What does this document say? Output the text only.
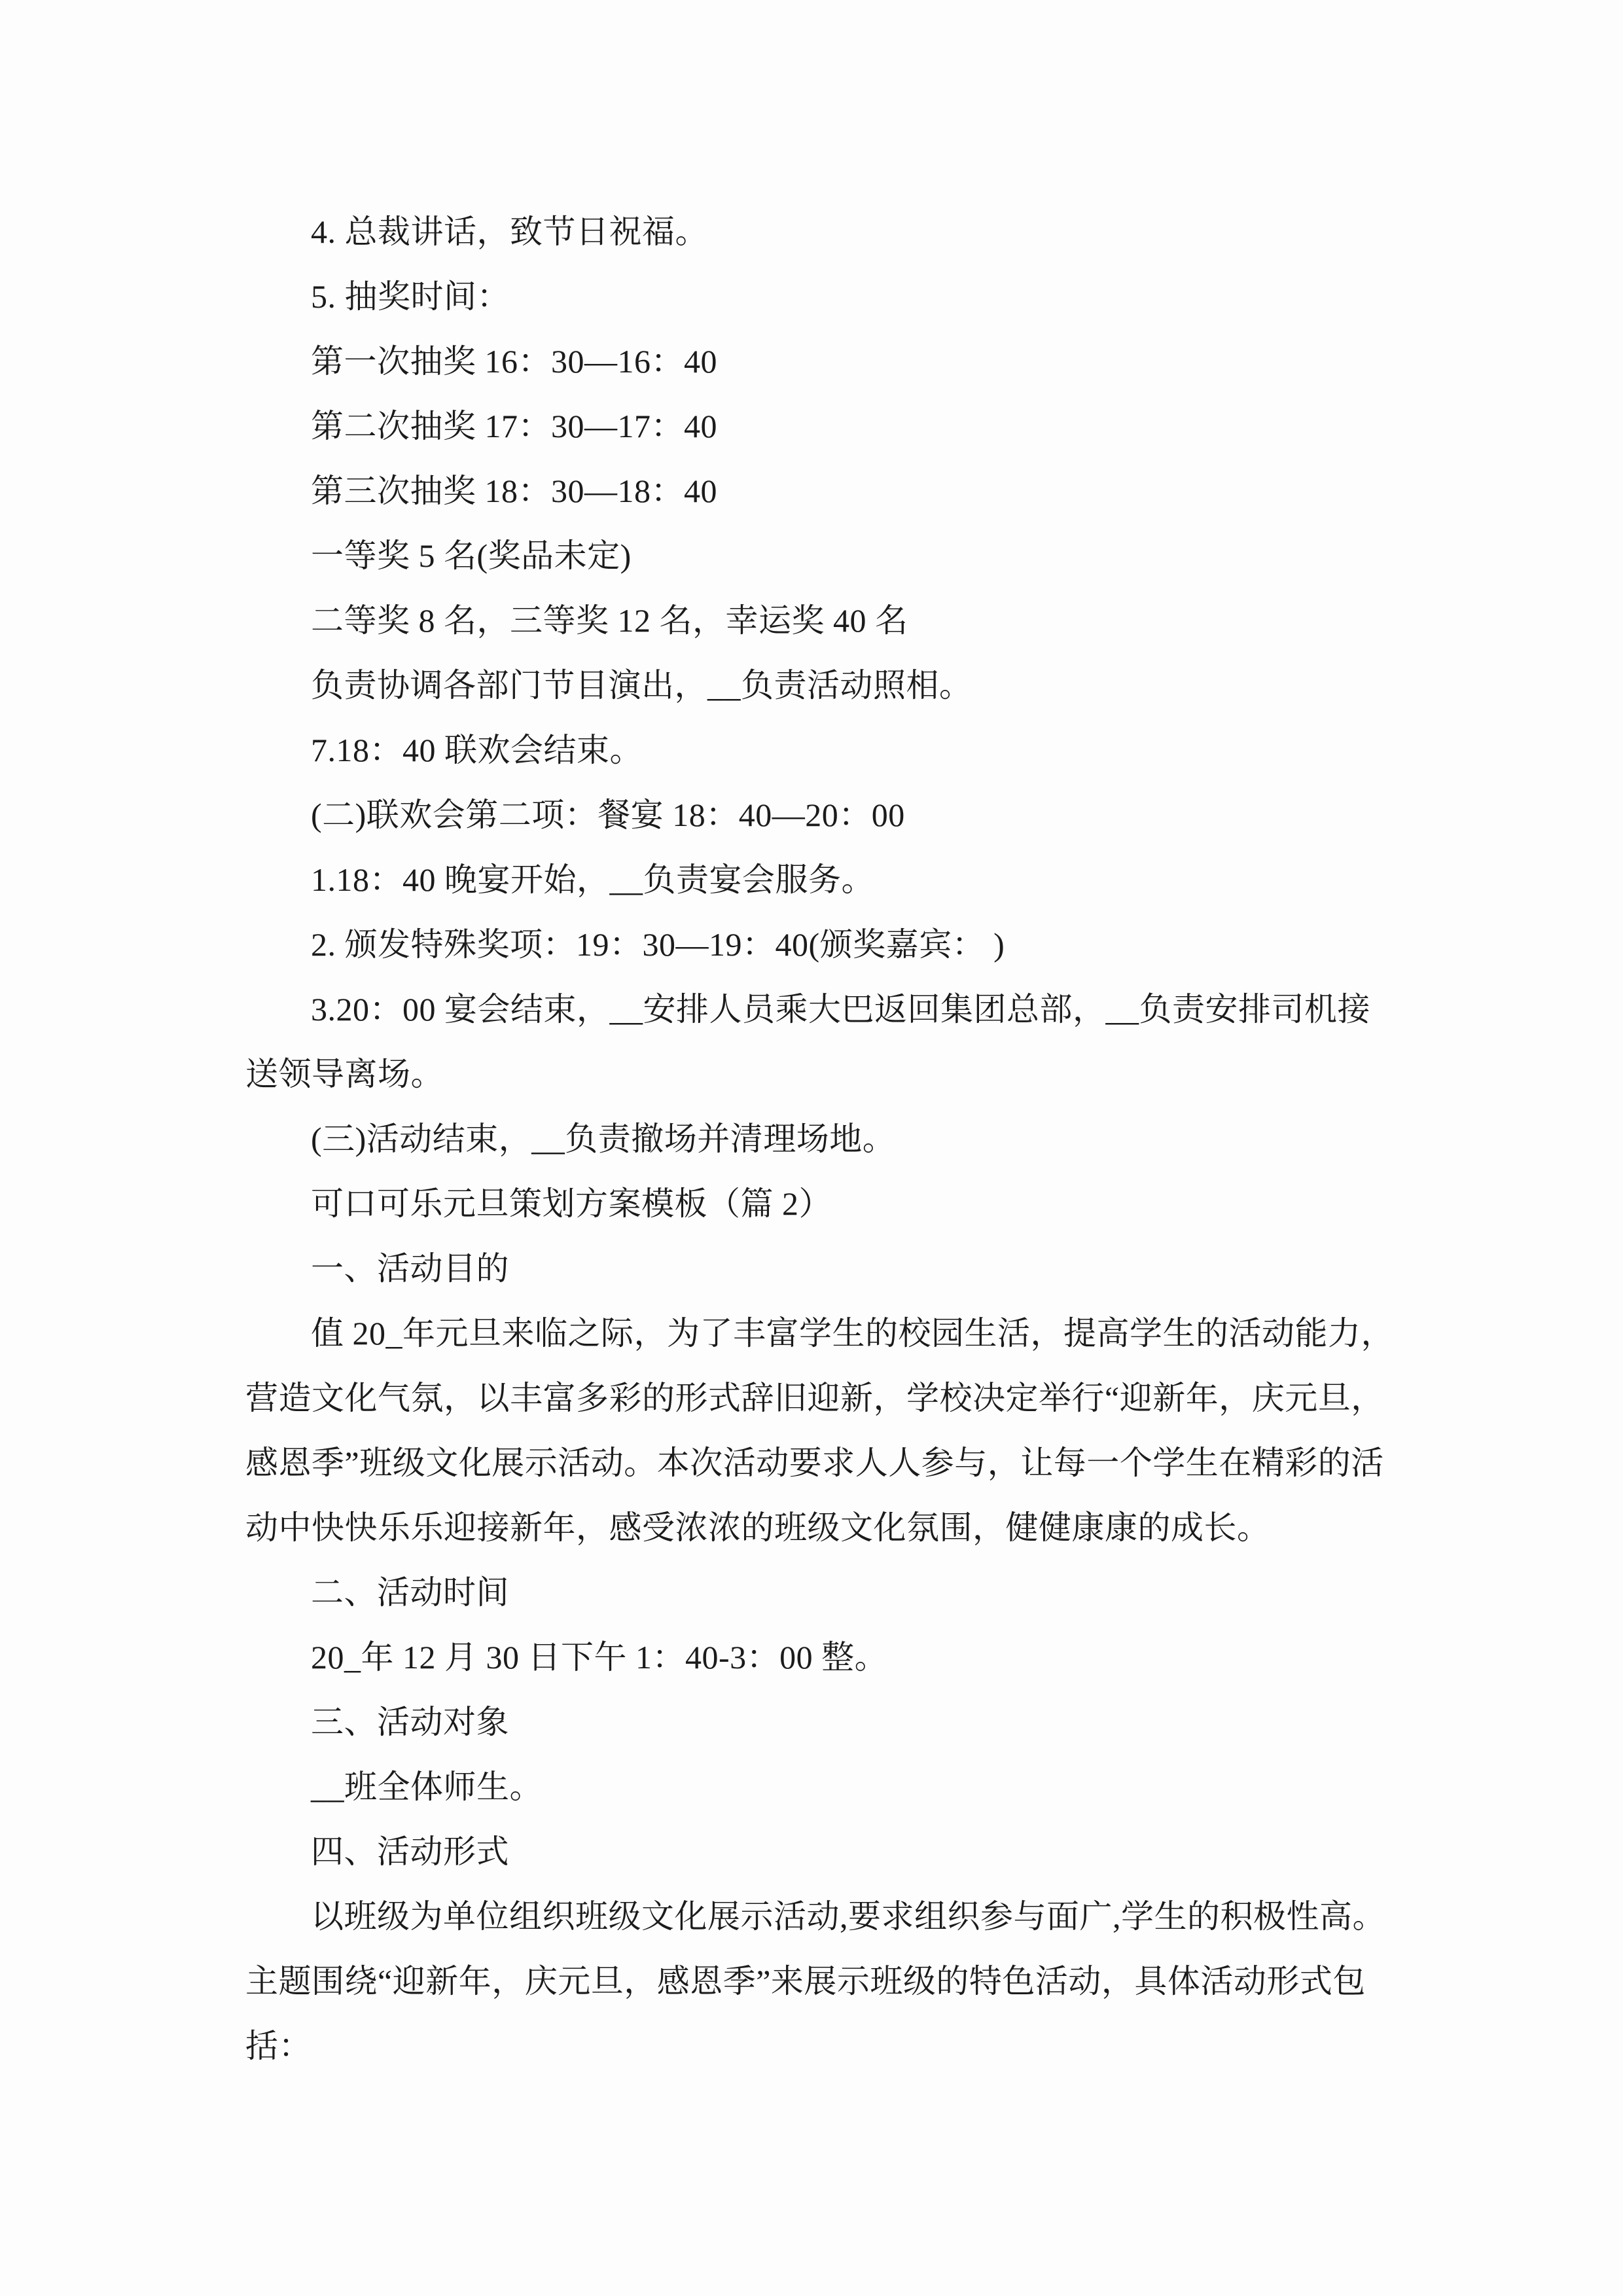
4. 总裁讲话，致节日祝福。
5. 抽奖时间：
第一次抽奖 16：30—16：40
第二次抽奖 17：30—17：40
第三次抽奖 18：30—18：40
一等奖 5 名(奖品未定)
二等奖 8 名，三等奖 12 名，幸运奖 40 名
负责协调各部门节目演出，__负责活动照相。
7.18：40 联欢会结束。
(二)联欢会第二项：餐宴 18：40—20：00
1.18：40 晚宴开始，__负责宴会服务。
2. 颁发特殊奖项：19：30—19：40(颁奖嘉宾： )
3.20：00 宴会结束，__安排人员乘大巴返回集团总部，__负责安排司机接
送领导离场。
(三)活动结束，__负责撤场并清理场地。
可口可乐元旦策划方案模板（篇 2）
一、活动目的
值 20_年元旦来临之际，为了丰富学生的校园生活，提高学生的活动能力，
营造文化气氛，以丰富多彩的形式辞旧迎新，学校决定举行“迎新年，庆元旦，
感恩季”班级文化展示活动。本次活动要求人人参与，让每一个学生在精彩的活
动中快快乐乐迎接新年，感受浓浓的班级文化氛围，健健康康的成长。
二、活动时间
20_年 12 月 30 日下午 1：40-3：00 整。
三、活动对象
__班全体师生。
四、活动形式
以班级为单位组织班级文化展示活动,要求组织参与面广,学生的积极性高。
主题围绕“迎新年，庆元旦，感恩季”来展示班级的特色活动，具体活动形式包
括：
